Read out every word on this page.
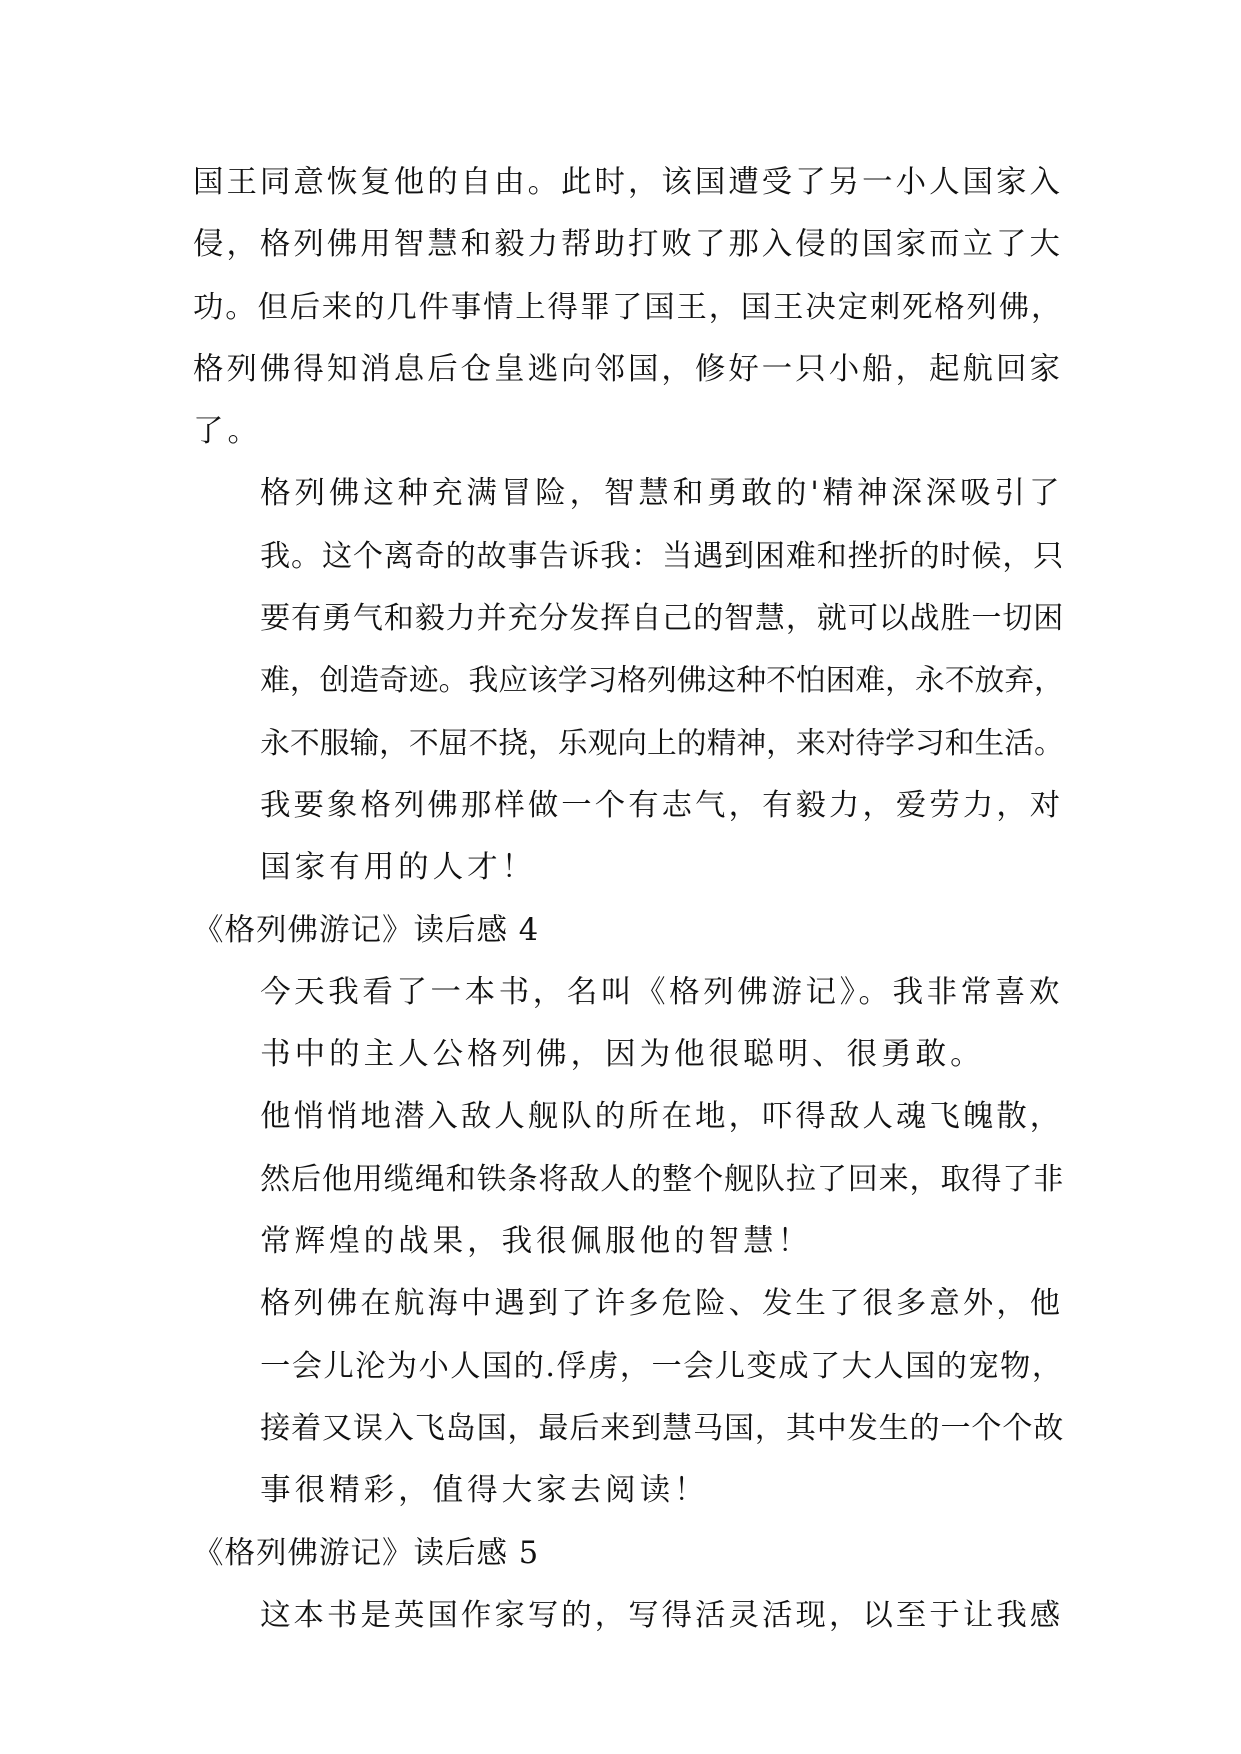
国王同意恢复他的自由。此时，该国遭受了另一小人国家入
侵，格列佛用智慧和毅力帮助打败了那入侵的国家而立了大
功。但后来的几件事情上得罪了国王，国王决定刺死格列佛，
格列佛得知消息后仓皇逃向邻国，修好一只小船，起航回家
了。

格列佛这种充满冒险，智慧和勇敢的'精神深深吸引了
我。这个离奇的故事告诉我：当遇到困难和挫折的时候，只
要有勇气和毅力并充分发挥自己的智慧，就可以战胜一切困
难，创造奇迹。我应该学习格列佛这种不怕困难，永不放弃，
永不服输，不屈不挠，乐观向上的精神，来对待学习和生活。

我要象格列佛那样做一个有志气，有毅力，爱劳力，对
国家有用的人才！

《格列佛游记》读后感 4

今天我看了一本书，名叫《格列佛游记》。我非常喜欢
书中的主人公格列佛，因为他很聪明、很勇敢。

他悄悄地潜入敌人舰队的所在地，吓得敌人魂飞魄散，
然后他用缆绳和铁条将敌人的整个舰队拉了回来，取得了非
常辉煌的战果，我很佩服他的智慧！

格列佛在航海中遇到了许多危险、发生了很多意外，他
一会儿沦为小人国的.俘虏，一会儿变成了大人国的宠物，
接着又误入飞岛国，最后来到慧马国，其中发生的一个个故
事很精彩，值得大家去阅读！

《格列佛游记》读后感 5

这本书是英国作家写的，写得活灵活现，以至于让我感
